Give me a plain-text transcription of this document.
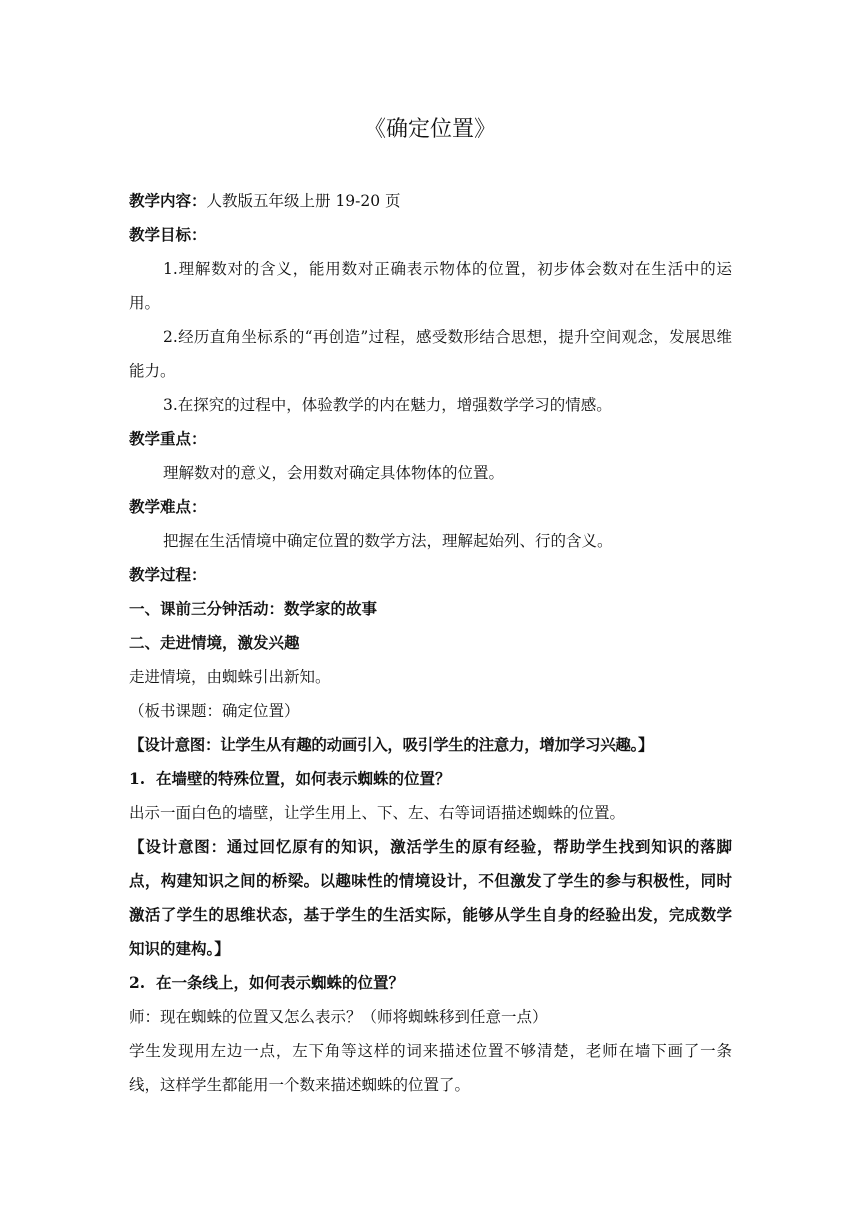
《确定位置》

教学内容：人教版五年级上册 19-20 页

教学目标：

1.理解数对的含义，能用数对正确表示物体的位置，初步体会数对在生活中的运用。

2.经历直角坐标系的“再创造”过程，感受数形结合思想，提升空间观念，发展思维能力。

3.在探究的过程中，体验教学的内在魅力，增强数学学习的情感。

教学重点：

理解数对的意义，会用数对确定具体物体的位置。

教学难点：

把握在生活情境中确定位置的数学方法，理解起始列、行的含义。

教学过程：

一、课前三分钟活动：数学家的故事

二、走进情境，激发兴趣

走进情境，由蜘蛛引出新知。

（板书课题：确定位置）

【设计意图：让学生从有趣的动画引入，吸引学生的注意力，增加学习兴趣。】

1. 在墙壁的特殊位置，如何表示蜘蛛的位置？

出示一面白色的墙壁，让学生用上、下、左、右等词语描述蜘蛛的位置。

【设计意图：通过回忆原有的知识，激活学生的原有经验，帮助学生找到知识的落脚点，构建知识之间的桥梁。以趣味性的情境设计，不但激发了学生的参与积极性，同时激活了学生的思维状态，基于学生的生活实际，能够从学生自身的经验出发，完成数学知识的建构。】

2. 在一条线上，如何表示蜘蛛的位置？

师：现在蜘蛛的位置又怎么表示？（师将蜘蛛移到任意一点）

学生发现用左边一点，左下角等这样的词来描述位置不够清楚，老师在墙下画了一条线，这样学生都能用一个数来描述蜘蛛的位置了。
